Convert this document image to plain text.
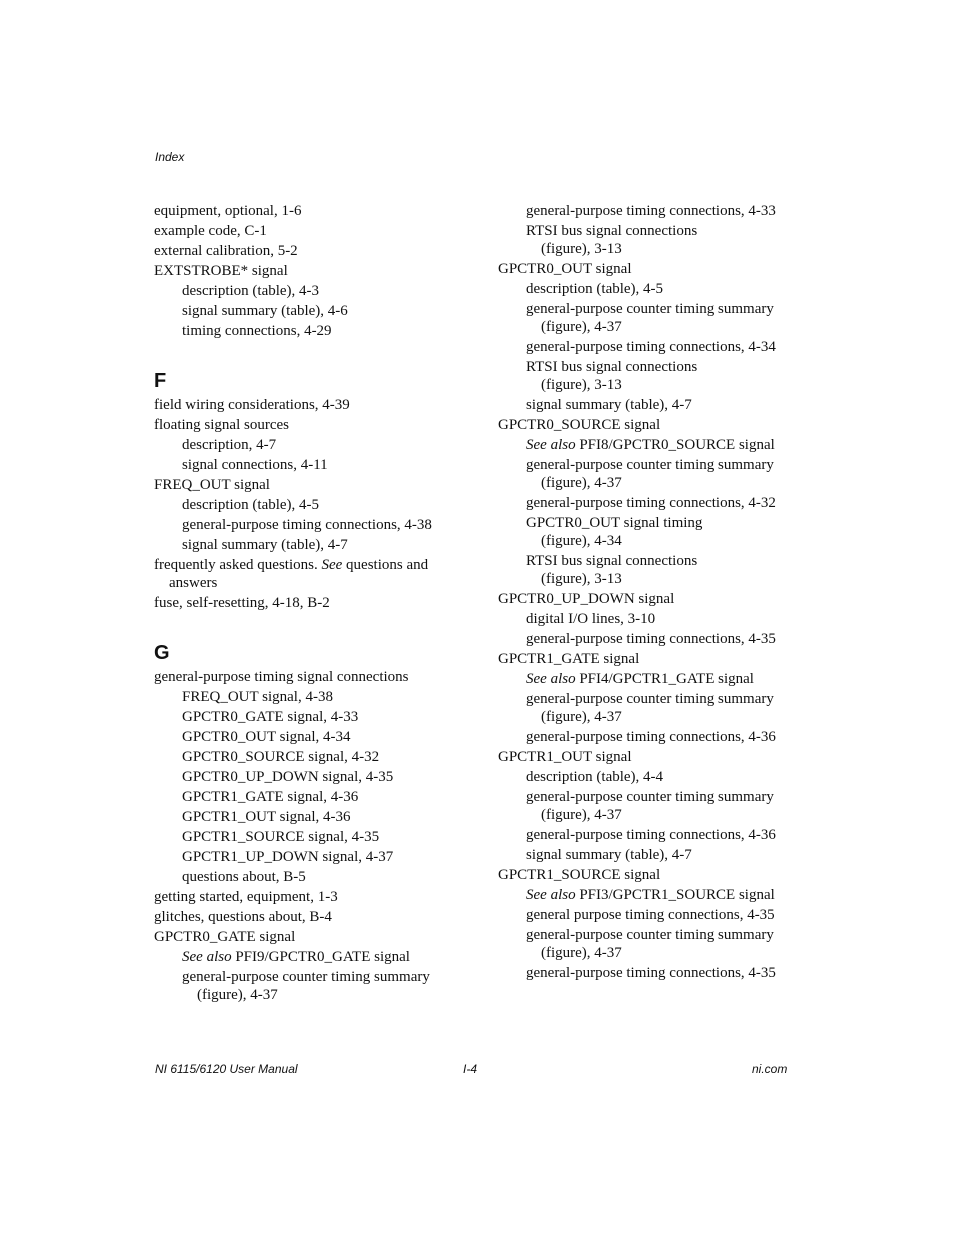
Index
equipment, optional, 1-6
example code, C-1
external calibration, 5-2
EXTSTROBE* signal
description (table), 4-3
signal summary (table), 4-6
timing connections, 4-29
F
field wiring considerations, 4-39
floating signal sources
description, 4-7
signal connections, 4-11
FREQ_OUT signal
description (table), 4-5
general-purpose timing connections, 4-38
signal summary (table), 4-7
frequently asked questions. See questions and
answers
fuse, self-resetting, 4-18, B-2
G
general-purpose timing signal connections
FREQ_OUT signal, 4-38
GPCTR0_GATE signal, 4-33
GPCTR0_OUT signal, 4-34
GPCTR0_SOURCE signal, 4-32
GPCTR0_UP_DOWN signal, 4-35
GPCTR1_GATE signal, 4-36
GPCTR1_OUT signal, 4-36
GPCTR1_SOURCE signal, 4-35
GPCTR1_UP_DOWN signal, 4-37
questions about, B-5
getting started, equipment, 1-3
glitches, questions about, B-4
GPCTR0_GATE signal
See also PFI9/GPCTR0_GATE signal
general-purpose counter timing summary
(figure), 4-37
general-purpose timing connections, 4-33
RTSI bus signal connections
(figure), 3-13
GPCTR0_OUT signal
description (table), 4-5
general-purpose counter timing summary
(figure), 4-37
general-purpose timing connections, 4-34
RTSI bus signal connections
(figure), 3-13
signal summary (table), 4-7
GPCTR0_SOURCE signal
See also PFI8/GPCTR0_SOURCE signal
general-purpose counter timing summary
(figure), 4-37
general-purpose timing connections, 4-32
GPCTR0_OUT signal timing
(figure), 4-34
RTSI bus signal connections
(figure), 3-13
GPCTR0_UP_DOWN signal
digital I/O lines, 3-10
general-purpose timing connections, 4-35
GPCTR1_GATE signal
See also PFI4/GPCTR1_GATE signal
general-purpose counter timing summary
(figure), 4-37
general-purpose timing connections, 4-36
GPCTR1_OUT signal
description (table), 4-4
general-purpose counter timing summary
(figure), 4-37
general-purpose timing connections, 4-36
signal summary (table), 4-7
GPCTR1_SOURCE signal
See also PFI3/GPCTR1_SOURCE signal
general purpose timing connections, 4-35
general-purpose counter timing summary
(figure), 4-37
general-purpose timing connections, 4-35
NI 6115/6120 User Manual	I-4	ni.com
